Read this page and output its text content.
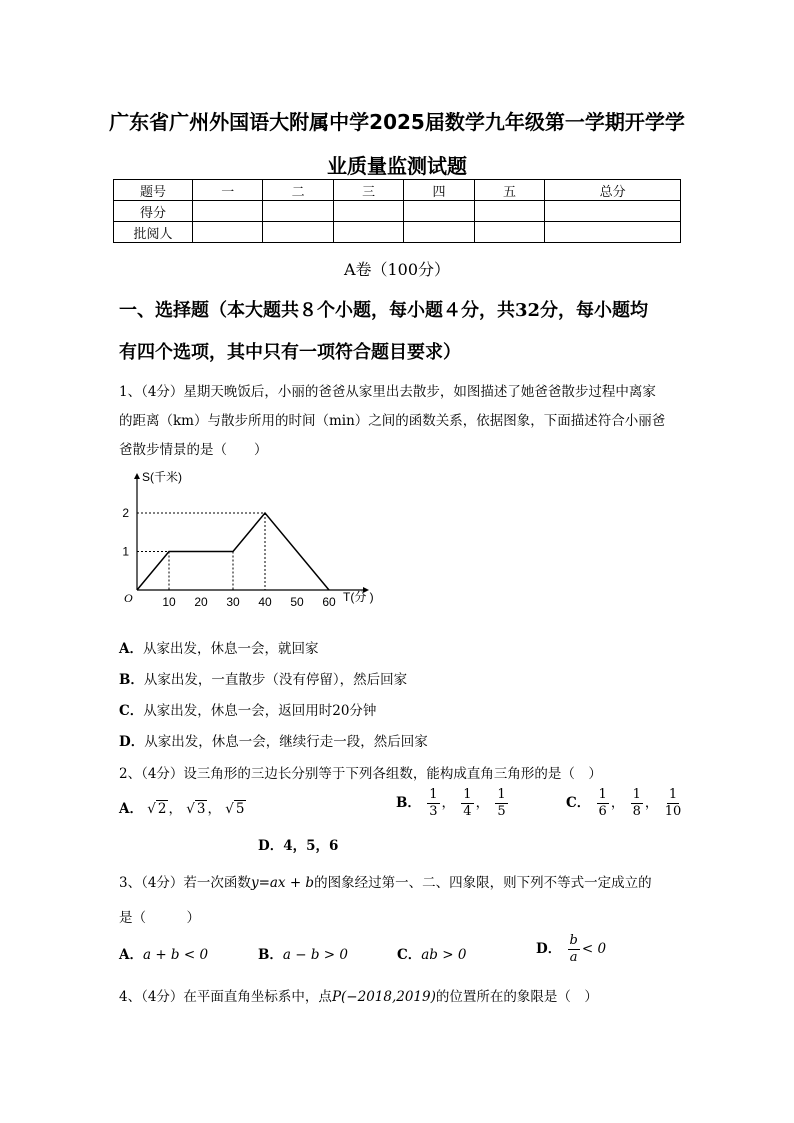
广东省广州外国语大附属中学2025届数学九年级第一学期开学学
业质量监测试题
题号	一	二	三	四	五	总分
得分						
批阅人						
A卷（100分）
一、选择题（本大题共８个小题，每小题４分，共32分，每小题均
有四个选项，其中只有一项符合题目要求）
1、（4分）星期天晚饭后，小丽的爸爸从家里出去散步，如图描述了她爸爸散步过程中离家
的距离（km）与散步所用的时间（min）之间的函数关系，依据图象，下面描述符合小丽爸
爸散步情景的是（　　）
10 20 30 40 50 60
1
2
O
S(千米)
T(分 )
A．从家出发，休息一会，就回家
B．从家出发，一直散步（没有停留），然后回家
C．从家出发，休息一会，返回用时20分钟
D．从家出发，休息一会，继续行走一段，然后回家
2、（4分）设三角形的三边长分别等于下列各组数，能构成直角三角形的是（　）
A． √ 2 ， √ 3 ， √ 5	B． $\frac{1}{3}$ ， $\frac{1}{4}$ ， $\frac{1}{5}$	C． $\frac{1}{6}$ ， $\frac{1}{8}$ ， $\frac{1}{10}$
D．4，5，6
3、（4分）若一次函数y=ax + b的图象经过第一、二、四象限，则下列不等式一定成立的
是（　　　）
A．a + b < 0	B．a − b > 0	C．ab > 0	D． $\frac{b}{a} < 0$
4、（4分）在平面直角坐标系中，点P(−2018,2019)的位置所在的象限是（　）
